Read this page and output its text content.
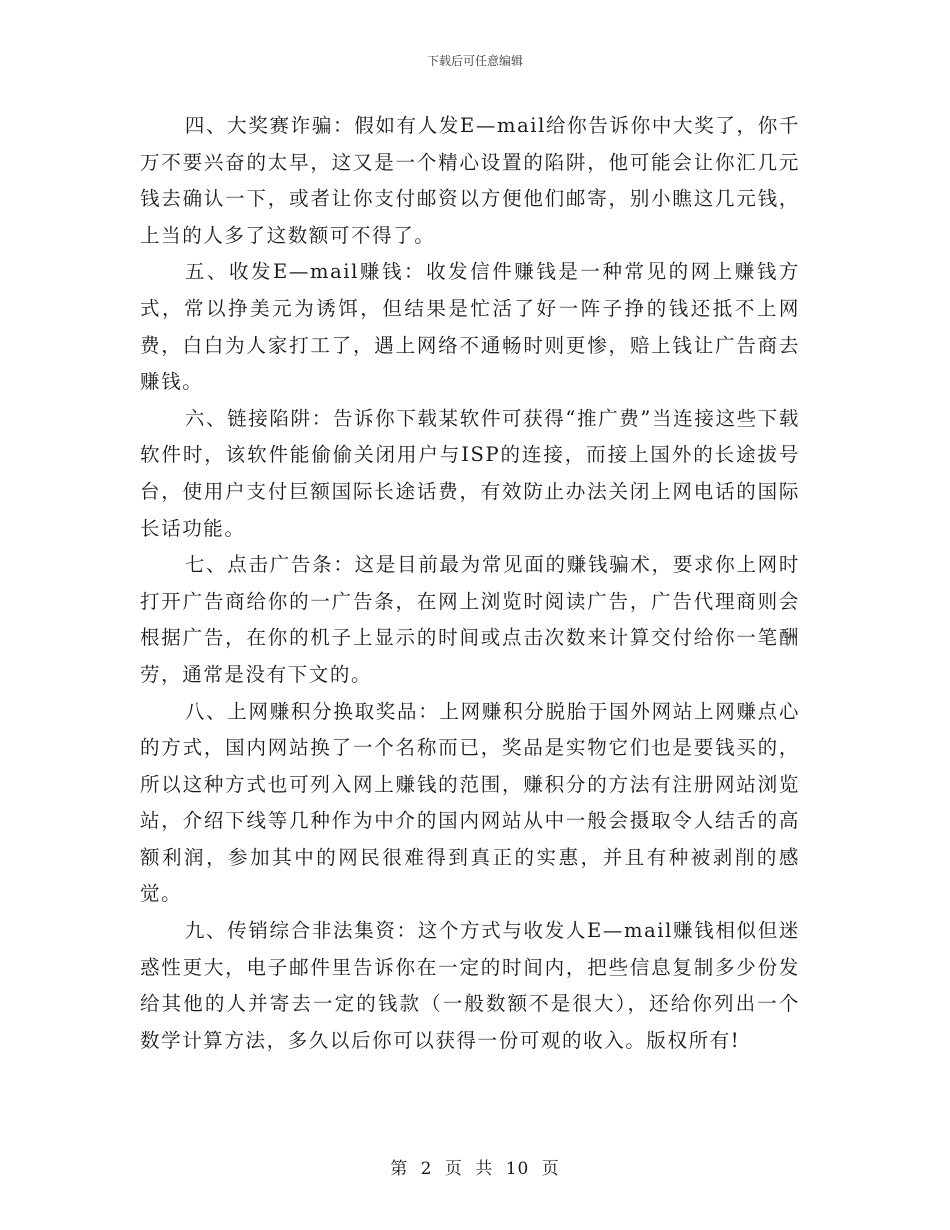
下载后可任意编辑

四、大奖赛诈骗：假如有人发E—mail给你告诉你中大奖了，你千万不要兴奋的太早，这又是一个精心设置的陷阱，他可能会让你汇几元钱去确认一下，或者让你支付邮资以方便他们邮寄，别小瞧这几元钱，上当的人多了这数额可不得了。

五、收发E—mail赚钱：收发信件赚钱是一种常见的网上赚钱方式，常以挣美元为诱饵，但结果是忙活了好一阵子挣的钱还抵不上网费，白白为人家打工了，遇上网络不通畅时则更惨，赔上钱让广告商去赚钱。

六、链接陷阱：告诉你下载某软件可获得“推广费”当连接这些下载软件时，该软件能偷偷关闭用户与ISP的连接，而接上国外的长途拔号台，使用户支付巨额国际长途话费，有效防止办法关闭上网电话的国际长话功能。

七、点击广告条：这是目前最为常见面的赚钱骗术，要求你上网时打开广告商给你的一广告条，在网上浏览时阅读广告，广告代理商则会根据广告，在你的机子上显示的时间或点击次数来计算交付给你一笔酬劳，通常是没有下文的。

八、上网赚积分换取奖品：上网赚积分脱胎于国外网站上网赚点心的方式，国内网站换了一个名称而已，奖品是实物它们也是要钱买的，所以这种方式也可列入网上赚钱的范围，赚积分的方法有注册网站浏览站，介绍下线等几种作为中介的国内网站从中一般会摄取令人结舌的高额利润，参加其中的网民很难得到真正的实惠，并且有种被剥削的感觉。

九、传销综合非法集资：这个方式与收发人E—mail赚钱相似但迷惑性更大，电子邮件里告诉你在一定的时间内，把些信息复制多少份发给其他的人并寄去一定的钱款（一般数额不是很大），还给你列出一个数学计算方法，多久以后你可以获得一份可观的收入。版权所有!

第 2 页 共 10 页
